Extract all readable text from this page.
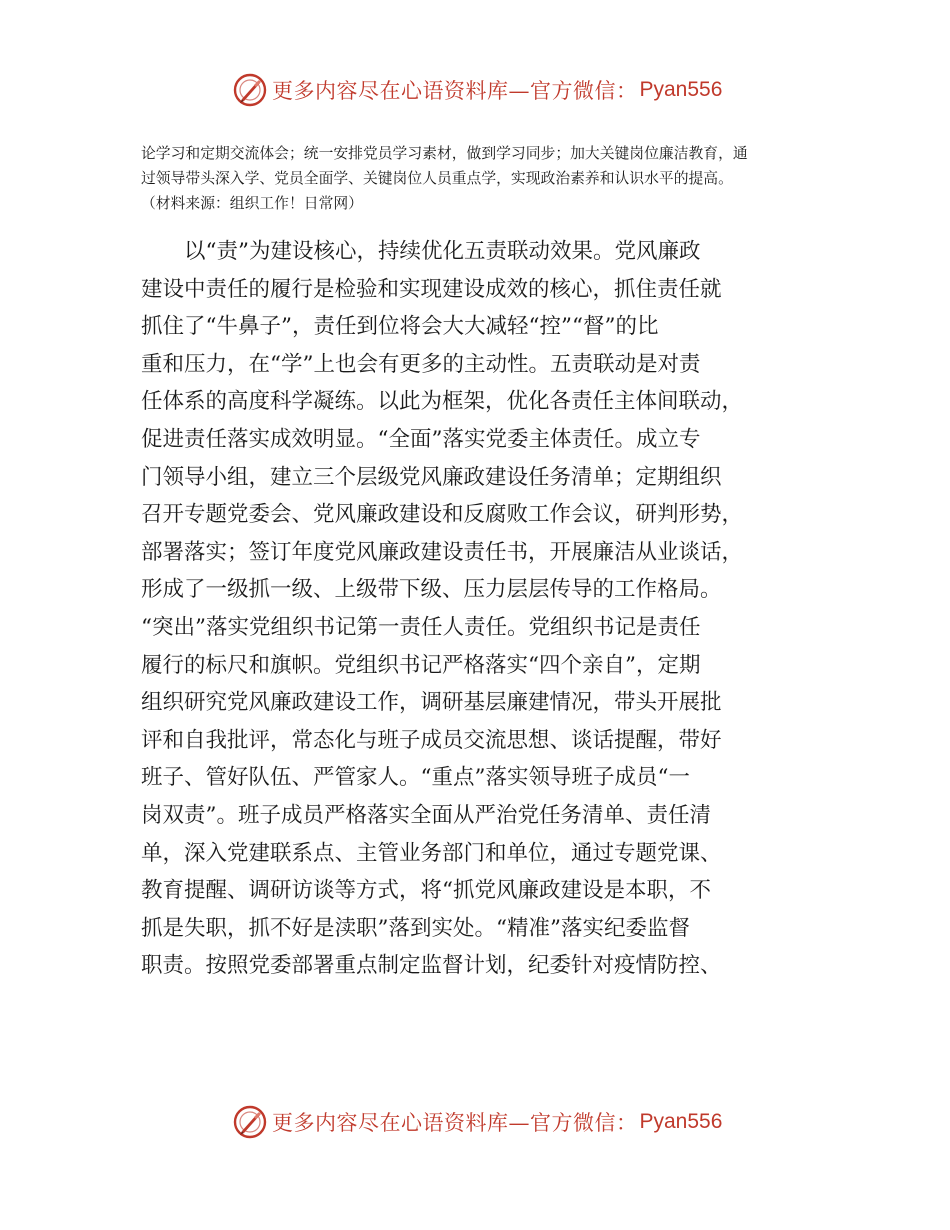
更多内容尽在心语资料库—官方微信： Pyan556
论学习和定期交流体会；统一安排党员学习素材，做到学习同步；加大关键岗位廉洁教育，通
过领导带头深入学、党员全面学、关键岗位人员重点学，实现政治素养和认识水平的提高。
（材料来源：组织工作！日常网）
以“责”为建设核心，持续优化五责联动效果。党风廉政
建设中责任的履行是检验和实现建设成效的核心，抓住责任就
抓住了“牛鼻子”，责任到位将会大大减轻“控”“督”的比
重和压力，在“学”上也会有更多的主动性。五责联动是对责
任体系的高度科学凝练。以此为框架，优化各责任主体间联动，
促进责任落实成效明显。“全面”落实党委主体责任。成立专
门领导小组，建立三个层级党风廉政建设任务清单；定期组织
召开专题党委会、党风廉政建设和反腐败工作会议，研判形势，
部署落实；签订年度党风廉政建设责任书，开展廉洁从业谈话，
形成了一级抓一级、上级带下级、压力层层传导的工作格局。
“突出”落实党组织书记第一责任人责任。党组织书记是责任
履行的标尺和旗帜。党组织书记严格落实“四个亲自”，定期
组织研究党风廉政建设工作，调研基层廉建情况，带头开展批
评和自我批评，常态化与班子成员交流思想、谈话提醒，带好
班子、管好队伍、严管家人。“重点”落实领导班子成员“一
岗双责”。班子成员严格落实全面从严治党任务清单、责任清
单，深入党建联系点、主管业务部门和单位，通过专题党课、
教育提醒、调研访谈等方式，将“抓党风廉政建设是本职，不
抓是失职，抓不好是渎职”落到实处。“精准”落实纪委监督
职责。按照党委部署重点制定监督计划，纪委针对疫情防控、
更多内容尽在心语资料库—官方微信： Pyan556
